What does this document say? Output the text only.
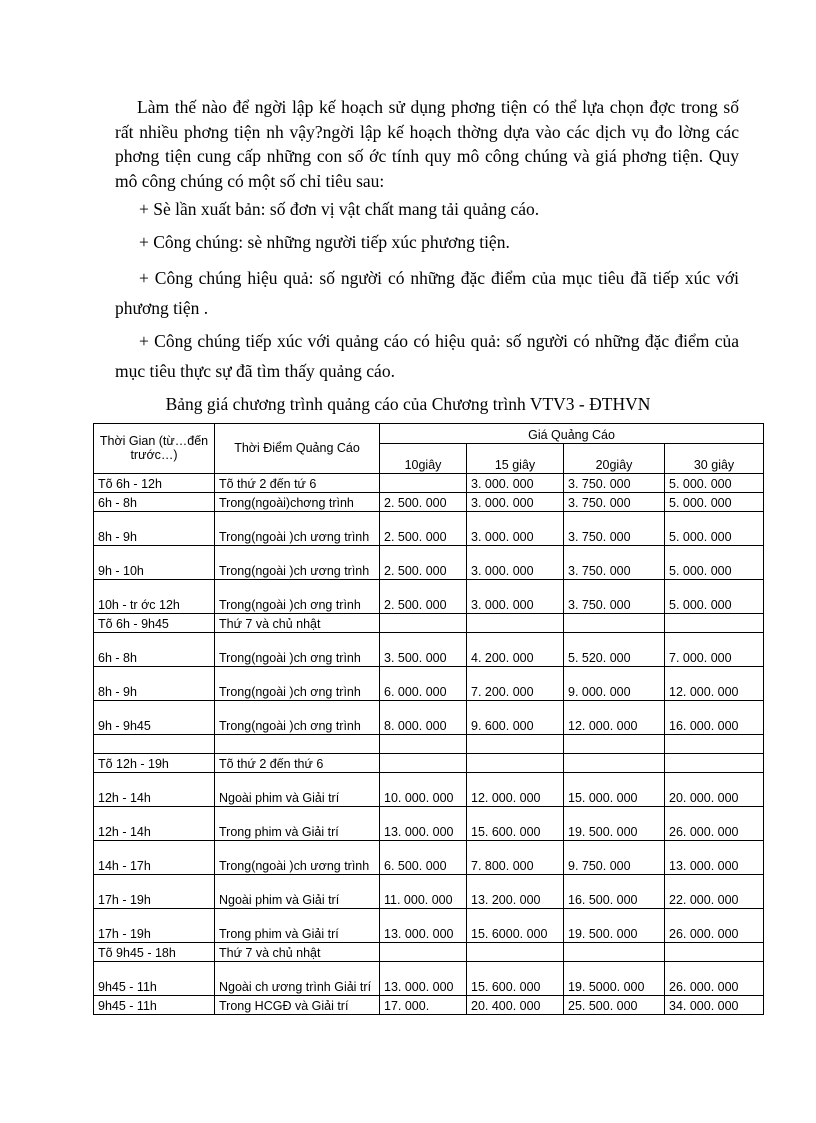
Làm thế nào để ngời lập kế hoạch sử dụng phơng tiện có thể lựa chọn đợc trong số rất nhiều phơng tiện nh vậy?ngời lập kế hoạch thờng dựa vào các dịch vụ đo lờng các phơng tiện cung cấp những con số ớc tính quy mô công chúng và giá phơng tiện. Quy mô công chúng có một số chỉ tiêu sau:

+ Sè lần xuất bản: số đơn vị vật chất mang tải quảng cáo.

+ Công chúng: sè những người tiếp xúc phương tiện.

+ Công chúng hiệu quả: số người có những đặc điểm của mục tiêu đã tiếp xúc với phương tiện .

+ Công chúng tiếp xúc với quảng cáo có hiệu quả: số người có những đặc điểm của mục tiêu thực sự đã tìm thấy quảng cáo.

Bảng giá chương trình quảng cáo của Chương trình VTV3 - ĐTHVN

Thời Gian (từ…đến trước…)	Thời Điểm Quảng Cáo	Giá Quảng Cáo			
		10giây	15 giây	20giây	30 giây
Tõ 6h - 12h	Tõ thứ 2 đến tứ 6		3. 000. 000	3. 750. 000	5. 000. 000
6h - 8h	Trong(ngoài)chơng trình	2. 500. 000	3. 000. 000	3. 750. 000	5. 000. 000
8h - 9h	Trong(ngoài )ch ương trình	2. 500. 000	3. 000. 000	3. 750. 000	5. 000. 000
9h - 10h	Trong(ngoài )ch ương trình	2. 500. 000	3. 000. 000	3. 750. 000	5. 000. 000
10h - tr ớc 12h	Trong(ngoài )ch ơng trình	2. 500. 000	3. 000. 000	3. 750. 000	5. 000. 000
Tõ 6h - 9h45	Thứ 7 và chủ nhật				
6h - 8h	Trong(ngoài )ch ơng trình	3. 500. 000	4. 200. 000	5. 520. 000	7. 000. 000
8h - 9h	Trong(ngoài )ch ơng trình	6. 000. 000	7. 200. 000	9. 000. 000	12. 000. 000
9h - 9h45	Trong(ngoài )ch ơng trình	8. 000. 000	9. 600. 000	12. 000. 000	16. 000. 000

Tõ 12h - 19h	Tõ thứ 2 đến thứ 6				
12h - 14h	Ngoài phim và Giải trí	10. 000. 000	12. 000. 000	15. 000. 000	20. 000. 000
12h - 14h	Trong phim và Giải trí	13. 000. 000	15. 600. 000	19. 500. 000	26. 000. 000
14h - 17h	Trong(ngoài )ch ương trình	6. 500. 000	7. 800. 000	9. 750. 000	13. 000. 000
17h - 19h	Ngoài phim và Giải trí	11. 000. 000	13. 200. 000	16. 500. 000	22. 000. 000
17h - 19h	Trong phim và Giải trí	13. 000. 000	15. 6000. 000	19. 500. 000	26. 000. 000
Tõ 9h45 - 18h	Thứ 7 và chủ nhật				
9h45 - 11h	Ngoài ch ương trình Giải trí	13. 000. 000	15. 600. 000	19. 5000. 000	26. 000. 000
9h45 - 11h	Trong HCGĐ và Giải trí	17. 000.	20. 400. 000	25. 500. 000	34. 000. 000
